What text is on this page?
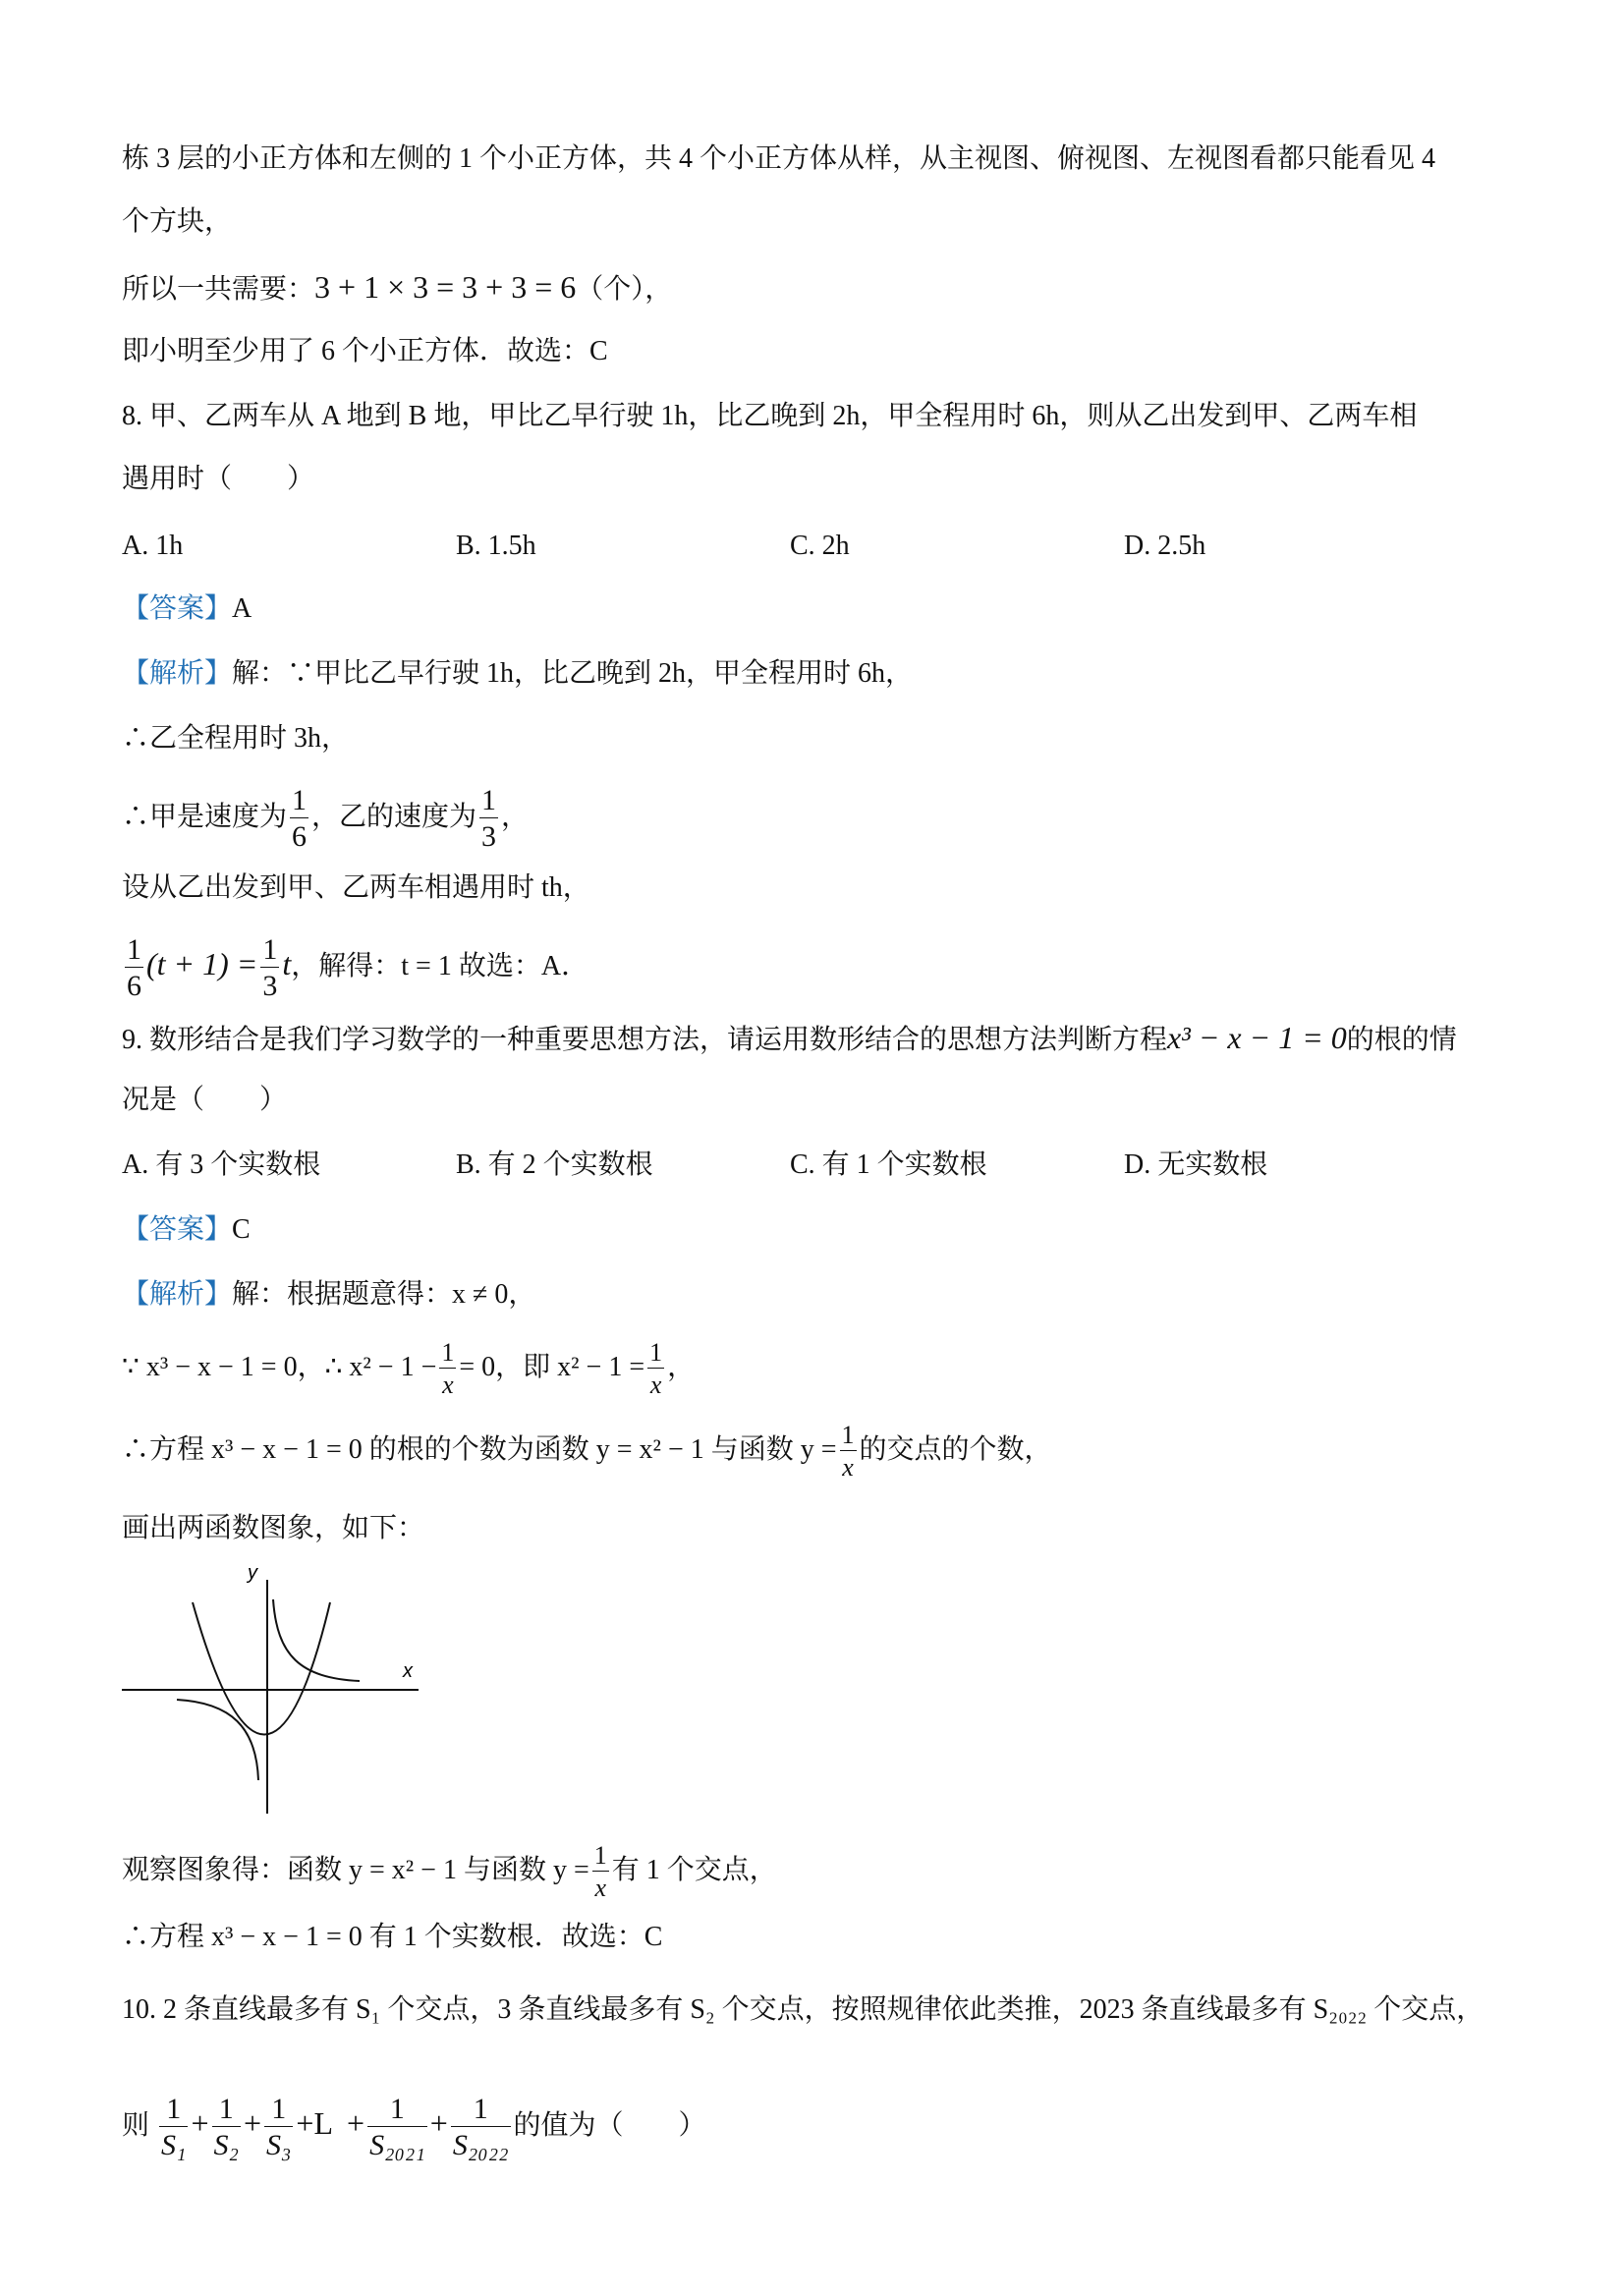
栋 3 层的小正方体和左侧的 1 个小正方体，共 4 个小正方体从样，从主视图、俯视图、左视图看都只能看见 4
个方块，
所以一共需要：3 + 1 × 3 = 3 + 3 = 6（个），
即小明至少用了 6 个小正方体．故选：C
8. 甲、乙两车从 A 地到 B 地，甲比乙早行驶 1h，比乙晚到 2h，甲全程用时 6h，则从乙出发到甲、乙两车相
遇用时（　　）
A. 1h	B. 1.5h	C. 2h	D. 2.5h
【答案】A
【解析】解：∵甲比乙早行驶 1h，比乙晚到 2h，甲全程用时 6h，
∴乙全程用时 3h，
∴甲是速度为 $\frac{1}{6}$ ，乙的速度为 $\frac{1}{3}$ ，
设从乙出发到甲、乙两车相遇用时 th，
$\frac{1}{6} (t + 1) = \frac{1}{3}$ t，解得：t = 1 故选：A．
9. 数形结合是我们学习数学的一种重要思想方法，请运用数形结合的思想方法判断方程x³ − x − 1 = 0的根的情
况是（　　）
A. 有 3 个实数根	B. 有 2 个实数根	C. 有 1 个实数根	D. 无实数根
【答案】C
【解析】解：根据题意得：x ≠ 0，
∵ x³ − x − 1 = 0，∴ $x^2 - 1 - \frac{1}{x} = 0$，即 $x^2 - 1 = \frac{1}{x}$ ，
∴方程 x³ − x − 1 = 0 的根的个数为函数 y = x² − 1 与函数 $y = \frac{1}{x}$ 的交点的个数，
画出两函数图象，如下：
x
y
观察图象得：函数 y = x² − 1 与函数 $y = \frac{1}{x}$ 有 1 个交点，
∴方程 x³ − x − 1 = 0 有 1 个实数根．故选：C
10. 2 条直线最多有 S₁ 个交点，3 条直线最多有 S₂ 个交点，按照规律依此类推，2023 条直线最多有 S₂₀₂₂ 个交点，
则 $\frac{1}{\text{S₁}} + \frac{1}{\text{S₂}} + \frac{1}{\text{S₃}} +L + \frac{1}{\text{S₂₀₂₁}} + \frac{1}{\text{S₂₀₂₂}}$ 的值为（　　）
